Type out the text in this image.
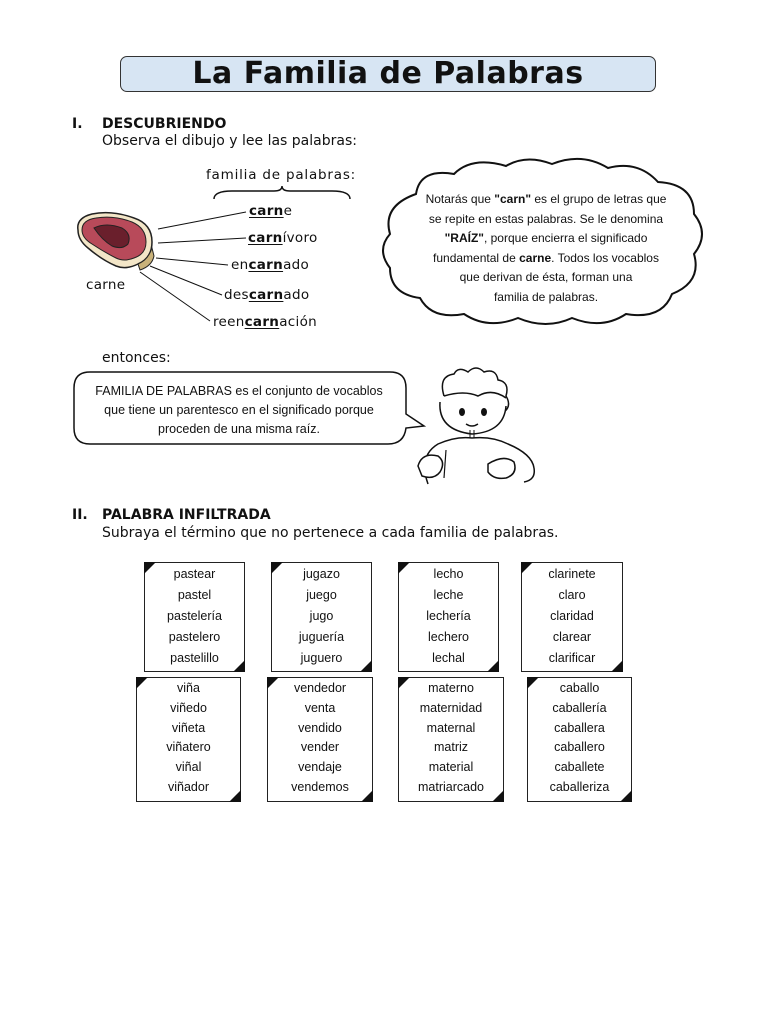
La Familia de Palabras
I. DESCUBRIENDO
Observa el dibujo y lee las palabras:
familia de palabras:
carne
carne
carnívoro
encarnado
descarnado
reencarnación
Notarás que "carn" es el grupo de letras que
se repite en estas palabras. Se le denomina
"RAÍZ", porque encierra el significado
fundamental de carne. Todos los vocablos
que derivan de ésta, forman una
familia de palabras.
entonces:
FAMILIA DE PALABRAS es el conjunto de vocablos
que tiene un parentesco en el significado porque
proceden de una misma raíz.
II. PALABRA INFILTRADA
Subraya el término que no pertenece a cada familia de palabras.
pastear
pastel
pastelería
pastelero
pastelillo
jugazo
juego
jugo
juguería
juguero
lecho
leche
lechería
lechero
lechal
clarinete
claro
claridad
clarear
clarificar
viña
viñedo
viñeta
viñatero
viñal
viñador
vendedor
venta
vendido
vender
vendaje
vendemos
materno
maternidad
maternal
matriz
material
matriarcado
caballo
caballería
caballera
caballero
caballete
caballeriza
